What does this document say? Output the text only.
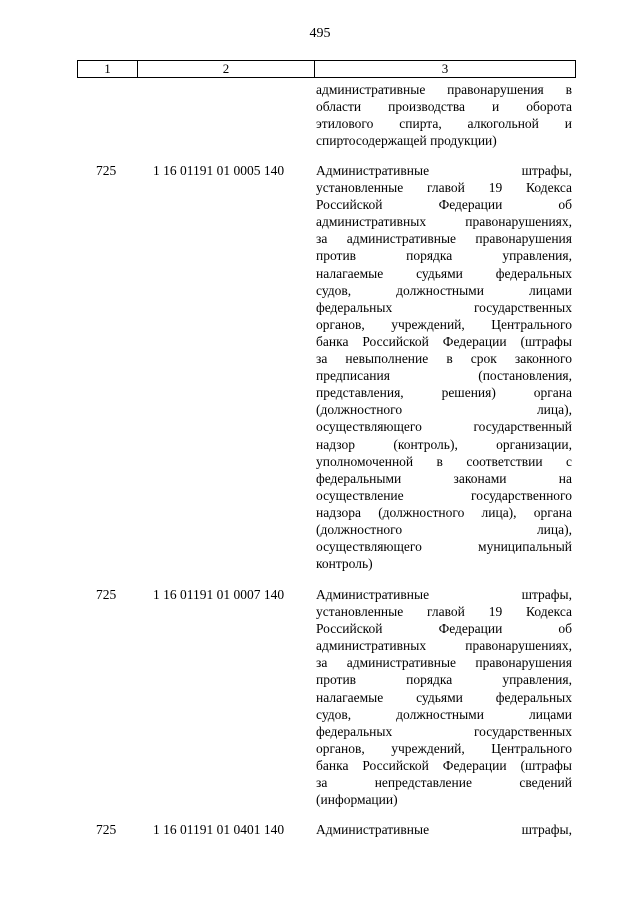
495
1	2	3
административные правонарушения в
области производства и оборота
этилового спирта, алкогольной и
спиртосодержащей продукции)
725	1 16 01191 01 0005 140 Административные штрафы,
установленные главой 19 Кодекса
Российской Федерации об
административных правонарушениях,
за административные правонарушения
против порядка управления,
налагаемые судьями федеральных
судов, должностными лицами
федеральных государственных
органов, учреждений, Центрального
банка Российской Федерации (штрафы
за невыполнение в срок законного
предписания (постановления,
представления, решения) органа
(должностного лица),
осуществляющего государственный
надзор (контроль), организации,
уполномоченной в соответствии с
федеральными законами на
осуществление государственного
надзора (должностного лица), органа
(должностного лица),
осуществляющего муниципальный
контроль)
725	1 16 01191 01 0007 140 Административные штрафы,
установленные главой 19 Кодекса
Российской Федерации об
административных правонарушениях,
за административные правонарушения
против порядка управления,
налагаемые судьями федеральных
судов, должностными лицами
федеральных государственных
органов, учреждений, Центрального
банка Российской Федерации (штрафы
за непредставление сведений
(информации)
725	1 16 01191 01 0401 140 Административные штрафы,
